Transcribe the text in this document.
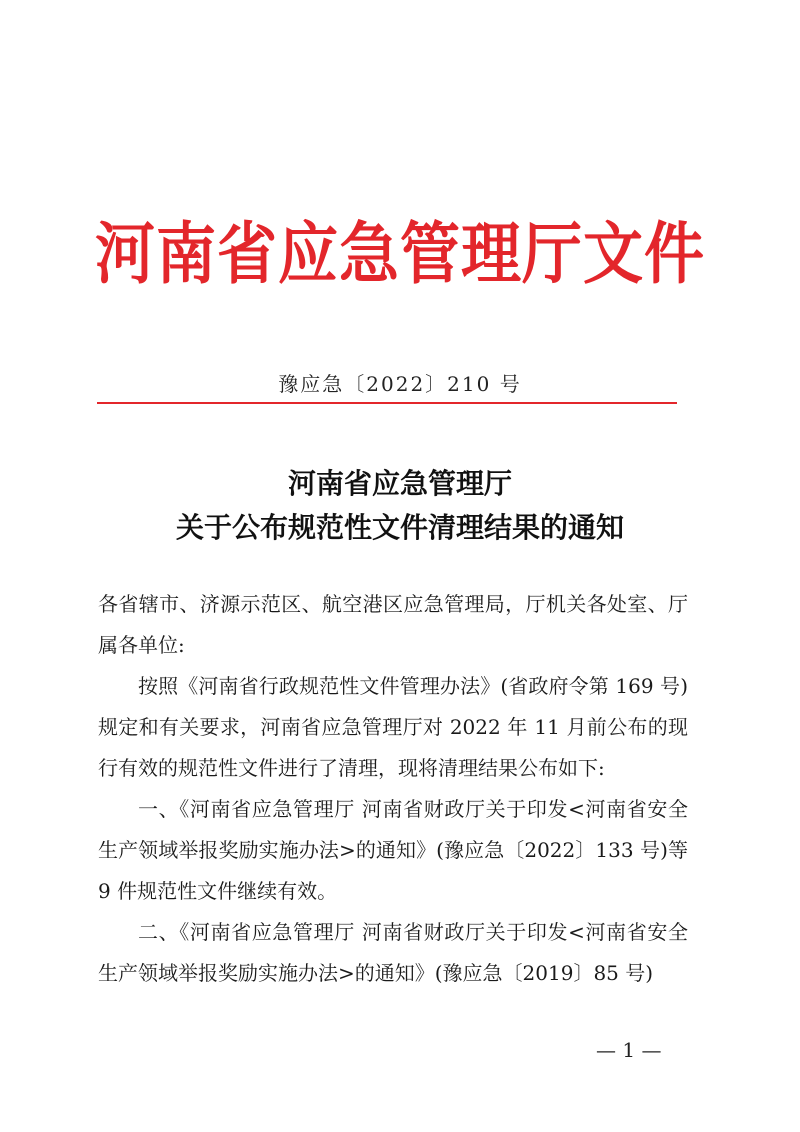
河南省应急管理厅文件
豫应急〔2022〕210 号
河南省应急管理厅
关于公布规范性文件清理结果的通知

各省辖市、济源示范区、航空港区应急管理局，厅机关各处室、厅属各单位:

按照《河南省行政规范性文件管理办法》(省政府令第 169 号)规定和有关要求，河南省应急管理厅对 2022 年 11 月前公布的现行有效的规范性文件进行了清理，现将清理结果公布如下:

一、《河南省应急管理厅 河南省财政厅关于印发<河南省安全生产领域举报奖励实施办法>的通知》(豫应急〔2022〕133 号)等 9 件规范性文件继续有效。

二、《河南省应急管理厅 河南省财政厅关于印发<河南省安全生产领域举报奖励实施办法>的通知》(豫应急〔2019〕85 号)

— 1 —
